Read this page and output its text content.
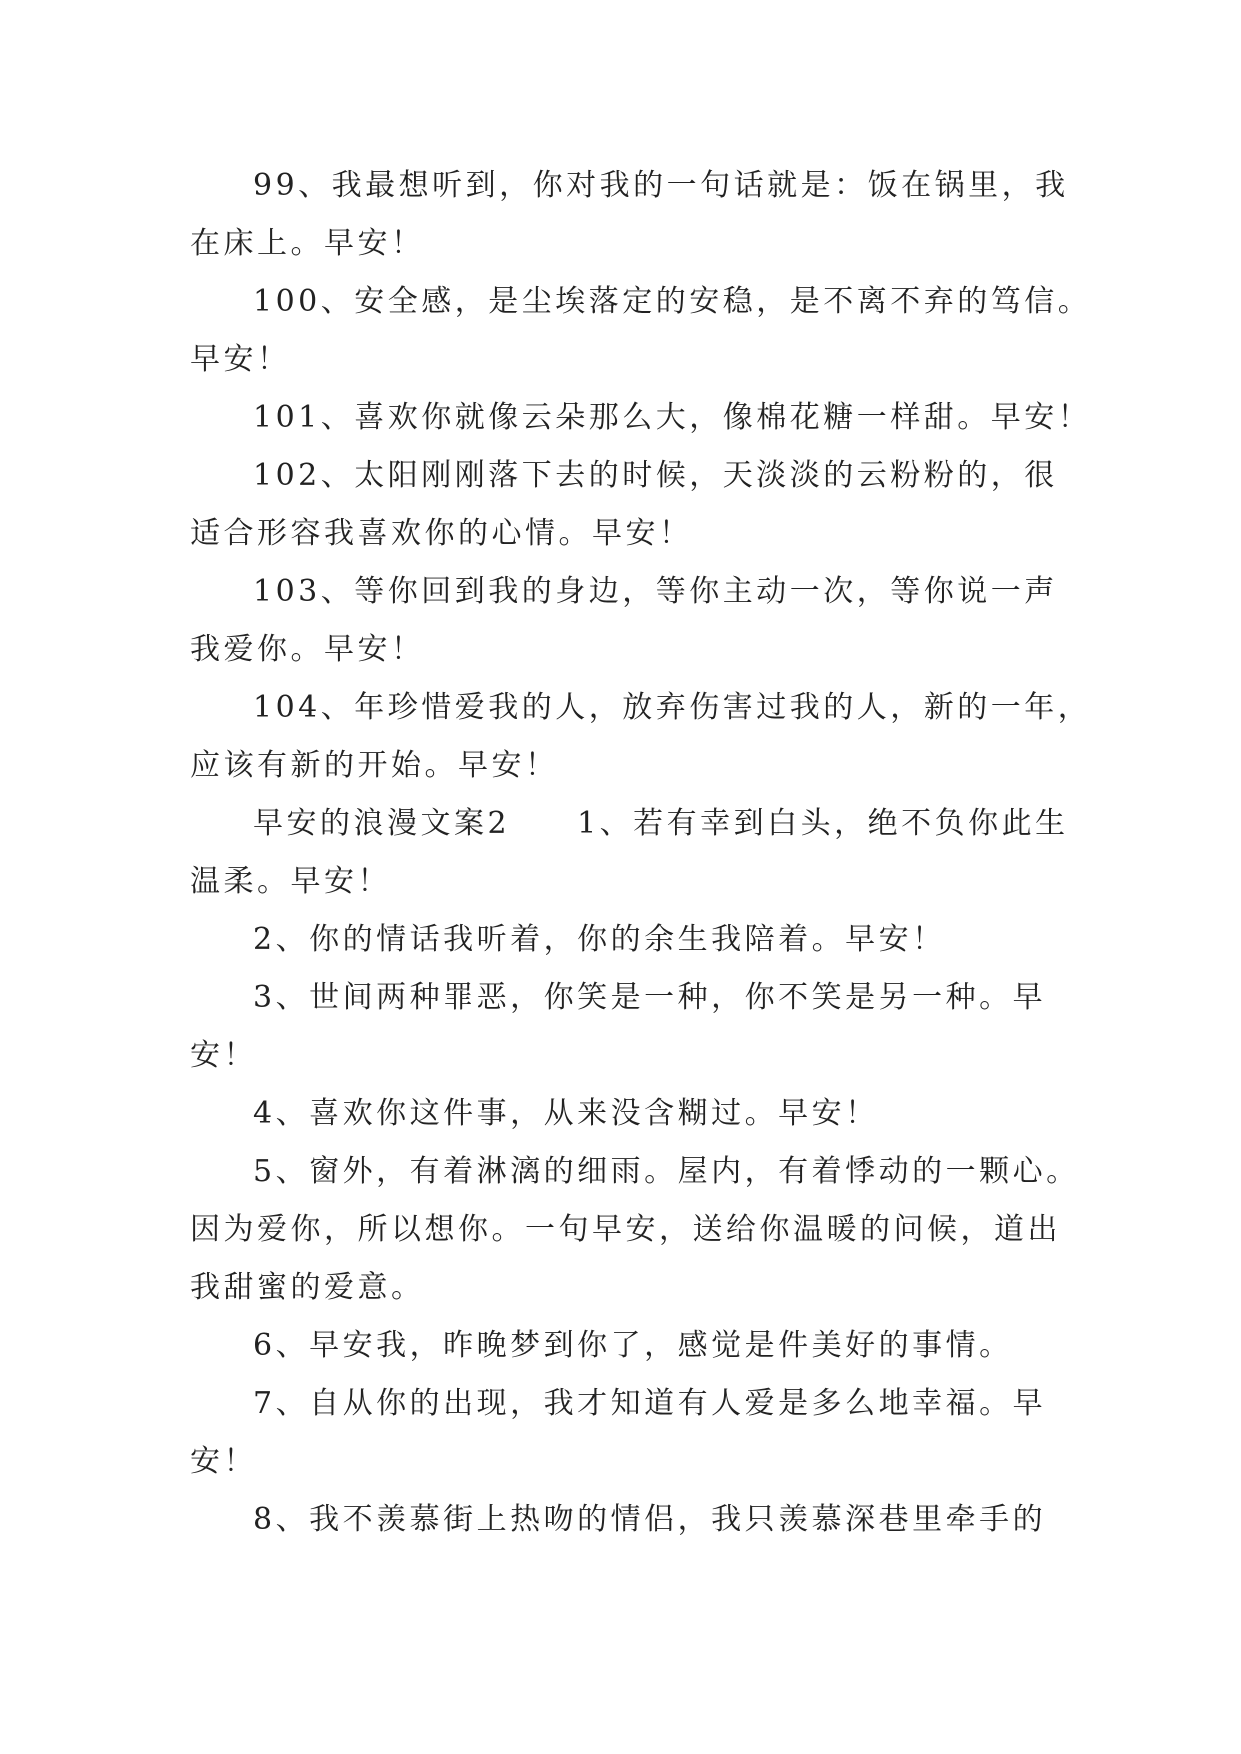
99、我最想听到，你对我的一句话就是：饭在锅里，我
在床上。早安！
100、安全感，是尘埃落定的安稳，是不离不弃的笃信。
早安！
101、喜欢你就像云朵那么大，像棉花糖一样甜。早安！
102、太阳刚刚落下去的时候，天淡淡的云粉粉的，很
适合形容我喜欢你的心情。早安！
103、等你回到我的身边，等你主动一次，等你说一声
我爱你。早安！
104、年珍惜爱我的人，放弃伤害过我的人，新的一年，
应该有新的开始。早安！
早安的浪漫文案2　　1、若有幸到白头，绝不负你此生
温柔。早安！
2、你的情话我听着，你的余生我陪着。早安！
3、世间两种罪恶，你笑是一种，你不笑是另一种。早
安！
4、喜欢你这件事，从来没含糊过。早安！
5、窗外，有着淋漓的细雨。屋内，有着悸动的一颗心。
因为爱你，所以想你。一句早安，送给你温暖的问候，道出
我甜蜜的爱意。
6、早安我，昨晚梦到你了，感觉是件美好的事情。
7、自从你的出现，我才知道有人爱是多么地幸福。早
安！
8、我不羡慕街上热吻的情侣，我只羡慕深巷里牵手的
